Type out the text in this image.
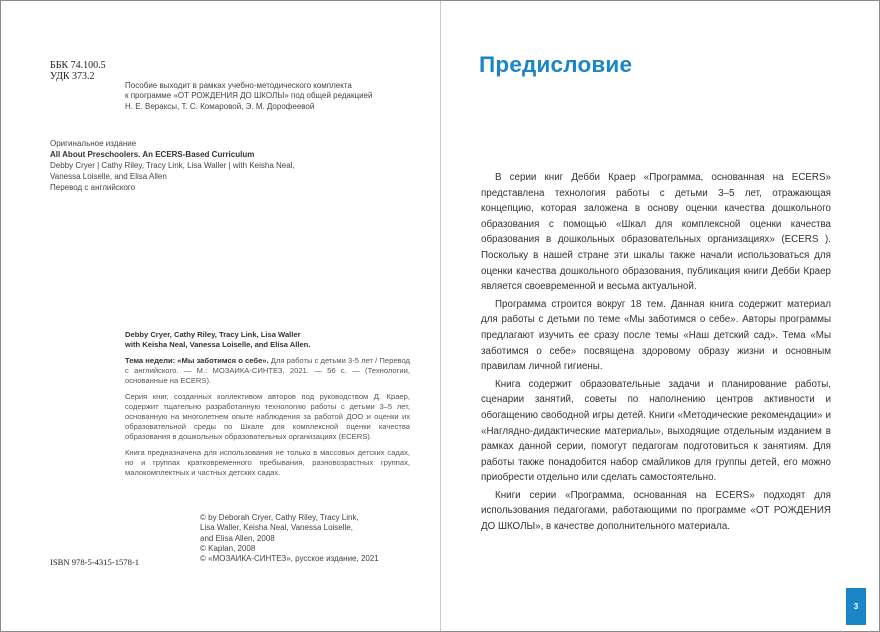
ББК 74.100.5
УДК 373.2
Пособие выходит в рамках учебно-методического комплекта
к программе «ОТ РОЖДЕНИЯ ДО ШКОЛЫ» под общей редакцией
Н. Е. Вераксы, Т. С. Комаровой, Э. М. Дорофеевой
Оригинальное издание
All About Preschoolers. An ECERS-Based Curriculum
Debby Cryer | Cathy Riley, Tracy Link, Lisa Waller | with Keisha Neal,
Vanessa Loiselle, and Elisa Allen
Перевод с английского
Debby Cryer, Cathy Riley, Tracy Link, Lisa Waller
with Keisha Neal, Vanessa Loiselle, and Elisa Allen.

Тема недели: «Мы заботимся о себе». Для работы с детьми 3-5 лет / Перевод с английского. — М.: МОЗАИКА-СИНТЕЗ, 2021. — 56 с. — (Технологии, основанные на ECERS).

Серия книг, созданных коллективом авторов под руководством Д. Краер, содержит тщательно разработанную технологию работы с детьми 3–5 лет, основанную на многолетнем опыте наблюдения за работой ДОО и оценки их образовательной среды по Шкале для комплексной оценки качества образования в дошкольных образовательных организациях (ECERS).

Книга предназначена для использования не только в массовых детских садах, но и группах кратковременного пребывания, разновозрастных группах, малокомплектных и частных детских садах.

© by Deborah Cryer, Cathy Riley, Tracy Link,
Lisa Waller, Keisha Neal, Vanessa Loiselle,
and Elisa Allen, 2008
© Kaplan, 2008
© «МОЗАИКА-СИНТЕЗ», русское издание, 2021
ISBN 978-5-4315-1578-1
Предисловие

В серии книг Дебби Краер «Программа, основанная на ECERS» представлена технология работы с детьми 3–5 лет, отражающая концепцию, которая заложена в основу оценки качества дошкольного образования с помощью «Шкал для комплексной оценки качества образования в дошкольных образовательных организациях» (ECERS ). Поскольку в нашей стране эти шкалы также начали использоваться для оценки качества дошкольного образования, публикация книги Дебби Краер является своевременной и весьма актуальной.

Программа строится вокруг 18 тем. Данная книга содержит материал для работы с детьми по теме «Мы заботимся о себе». Авторы программы предлагают изучить ее сразу после темы «Наш детский сад». Тема «Мы заботимся о себе» посвящена здоровому образу жизни и основным правилам личной гигиены.

Книга содержит образовательные задачи и планирование работы, сценарии занятий, советы по наполнению центров активности и обогащению свободной игры детей. Книги «Методические рекомендации» и «Наглядно-дидактические материалы», выходящие отдельным изданием в рамках данной серии, помогут педагогам подготовиться к занятиям. Для работы также понадобится набор смайликов для группы детей, его можно приобрести отдельно или сделать самостоятельно.

Книги серии «Программа, основанная на ECERS» подходят для использования педагогами, работающими по программе «ОТ РОЖДЕНИЯ ДО ШКОЛЫ», в качестве дополнительного материала.

3
